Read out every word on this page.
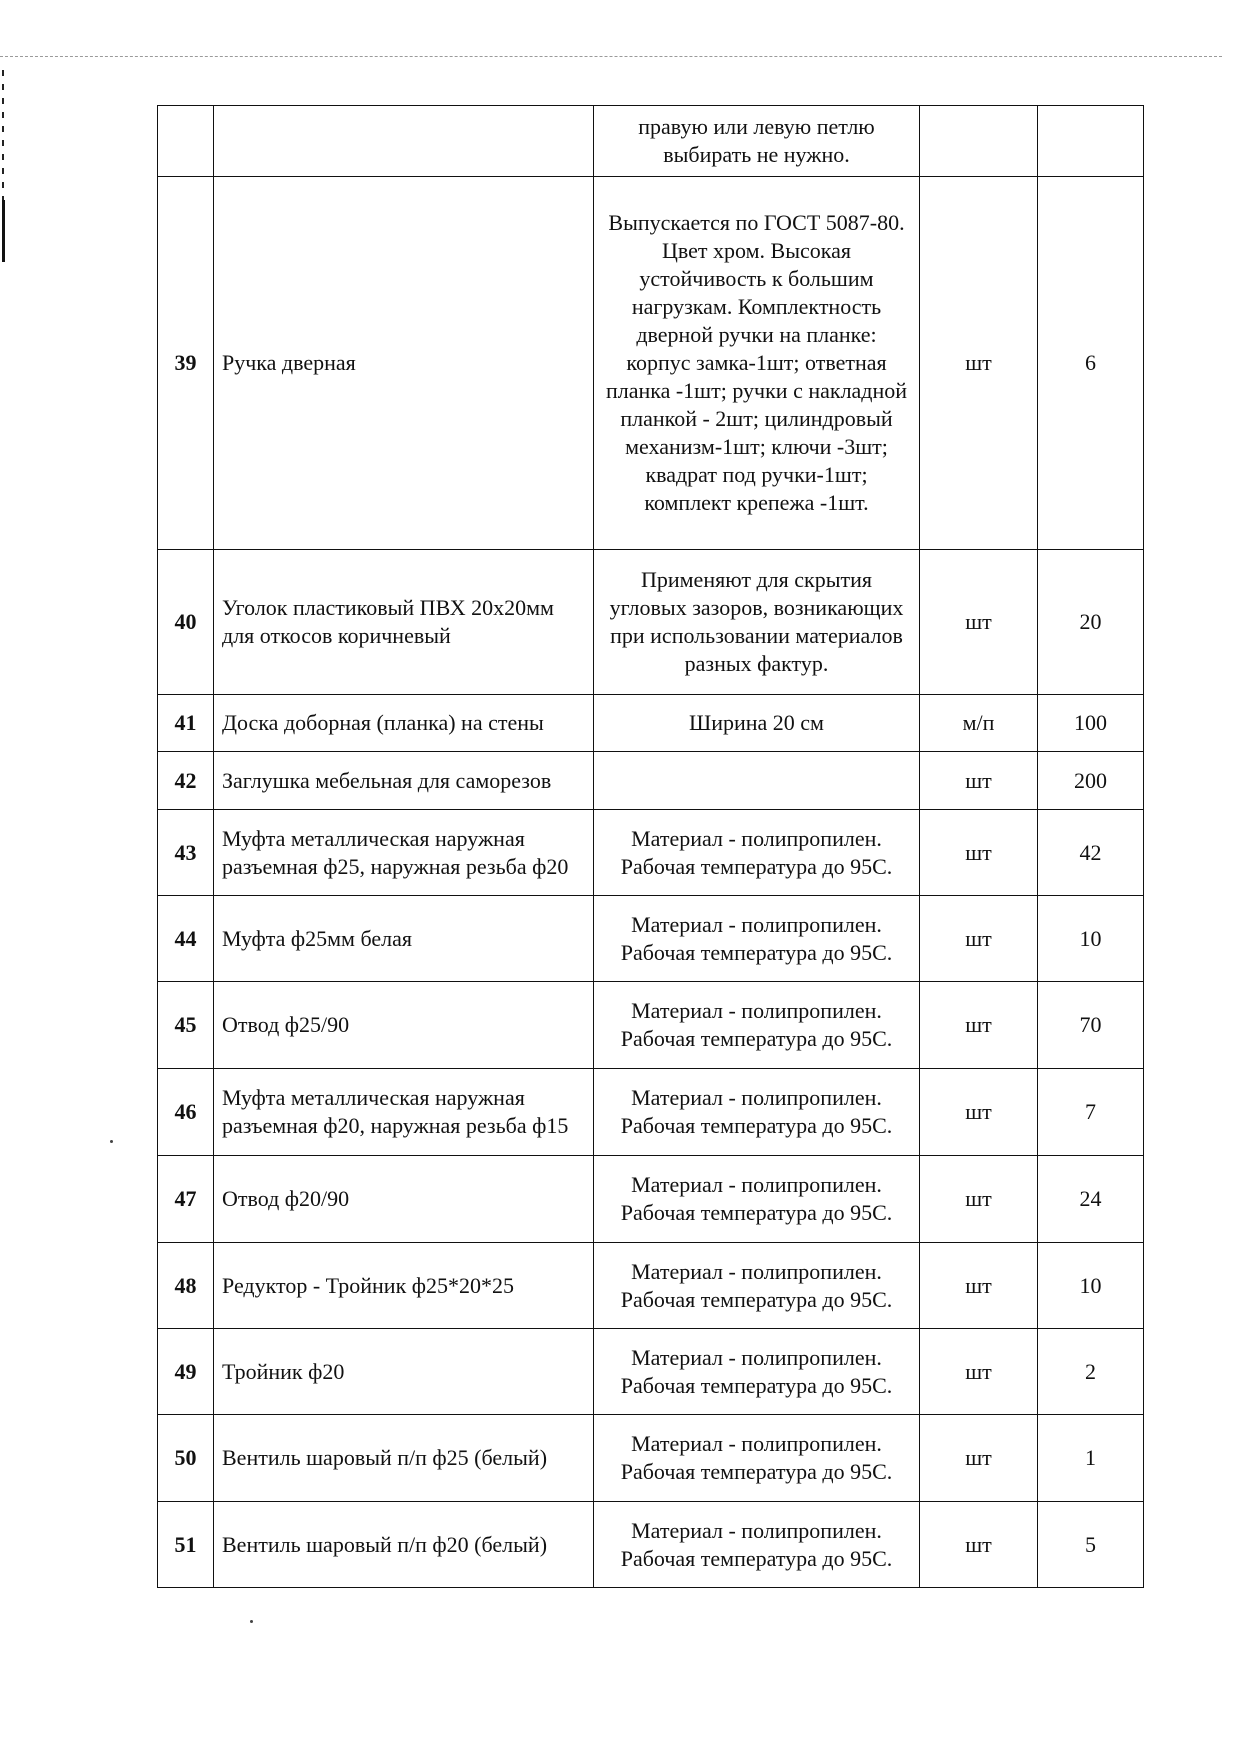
		правую или левую петлю выбирать не нужно.		
39	Ручка дверная	Выпускается по ГОСТ 5087-80. Цвет хром. Высокая устойчивость к большим нагрузкам. Комплектность дверной ручки на планке: корпус замка-1шт; ответная планка -1шт; ручки с накладной планкой - 2шт; цилиндровый механизм-1шт; ключи -3шт; квадрат под ручки-1шт; комплект крепежа -1шт.	шт	6
40	Уголок пластиковый ПВХ 20х20мм для откосов коричневый	Применяют для скрытия угловых зазоров, возникающих при использовании материалов разных фактур.	шт	20
41	Доска доборная (планка) на стены	Ширина 20 см	м/п	100
42	Заглушка мебельная для саморезов		шт	200
43	Муфта металлическая наружная разъемная ф25, наружная резьба ф20	Материал - полипропилен. Рабочая температура до 95С.	шт	42
44	Муфта ф25мм белая	Материал - полипропилен. Рабочая температура до 95С.	шт	10
45	Отвод ф25/90	Материал - полипропилен. Рабочая температура до 95С.	шт	70
46	Муфта металлическая наружная разъемная ф20, наружная резьба ф15	Материал - полипропилен. Рабочая температура до 95С.	шт	7
47	Отвод ф20/90	Материал - полипропилен. Рабочая температура до 95С.	шт	24
48	Редуктор - Тройник ф25*20*25	Материал - полипропилен. Рабочая температура до 95С.	шт	10
49	Тройник ф20	Материал - полипропилен. Рабочая температура до 95С.	шт	2
50	Вентиль шаровый п/п ф25 (белый)	Материал - полипропилен. Рабочая температура до 95С.	шт	1
51	Вентиль шаровый п/п ф20 (белый)	Материал - полипропилен. Рабочая температура до 95С.	шт	5
